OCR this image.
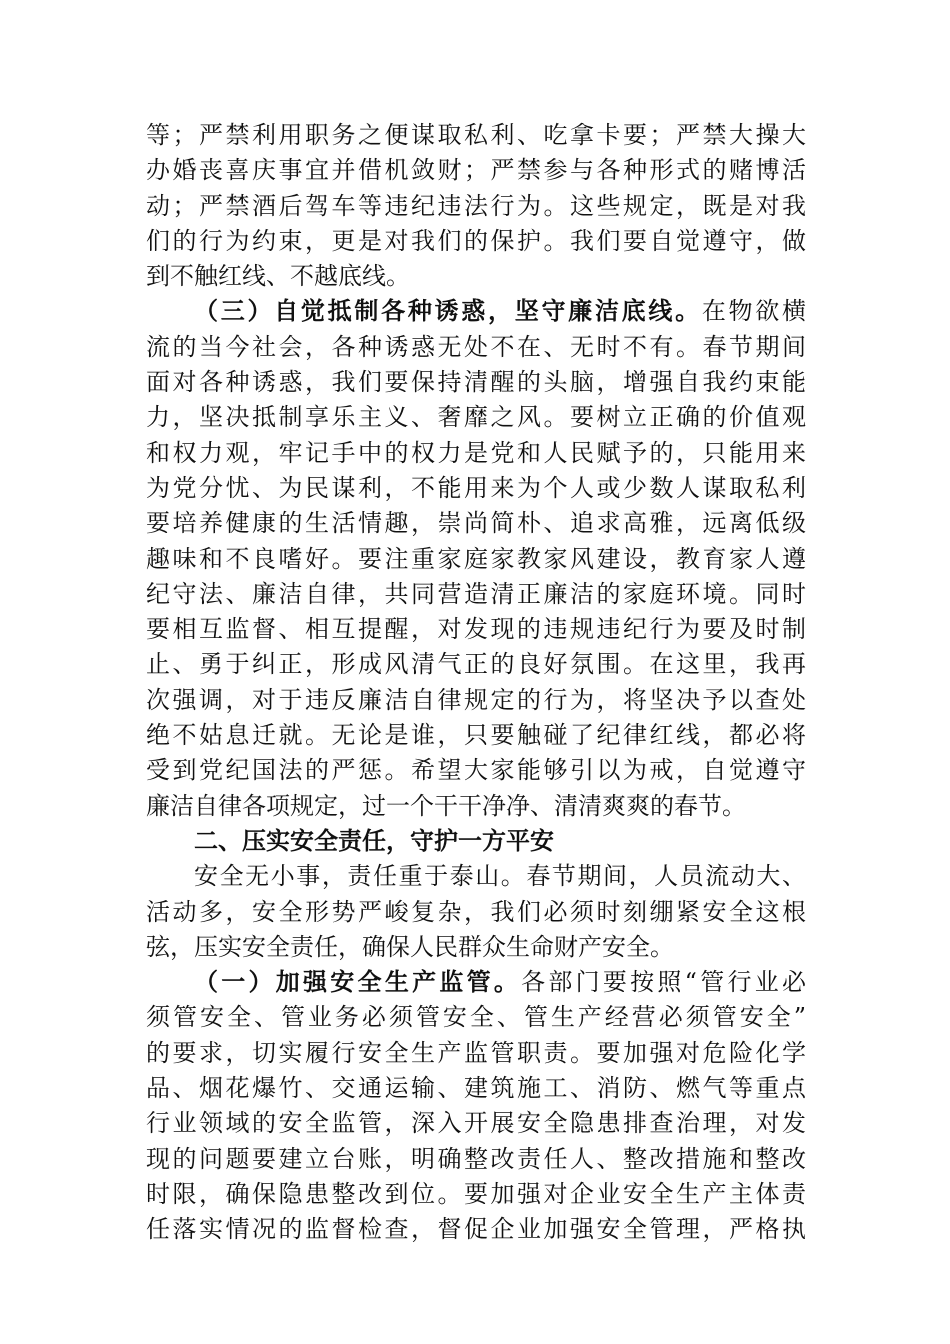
等；严禁利用职务之便谋取私利、吃拿卡要；严禁大操大
办婚丧喜庆事宜并借机敛财；严禁参与各种形式的赌博活
动；严禁酒后驾车等违纪违法行为。这些规定，既是对我
们的行为约束，更是对我们的保护。我们要自觉遵守，做
到不触红线、不越底线。
（三）自觉抵制各种诱惑，坚守廉洁底线。在物欲横
流的当今社会，各种诱惑无处不在、无时不有。春节期间
面对各种诱惑，我们要保持清醒的头脑，增强自我约束能
力，坚决抵制享乐主义、奢靡之风。要树立正确的价值观
和权力观，牢记手中的权力是党和人民赋予的，只能用来
为党分忧、为民谋利，不能用来为个人或少数人谋取私利
要培养健康的生活情趣，崇尚简朴、追求高雅，远离低级
趣味和不良嗜好。要注重家庭家教家风建设，教育家人遵
纪守法、廉洁自律，共同营造清正廉洁的家庭环境。同时
要相互监督、相互提醒，对发现的违规违纪行为要及时制
止、勇于纠正，形成风清气正的良好氛围。在这里，我再
次强调，对于违反廉洁自律规定的行为，将坚决予以查处
绝不姑息迁就。无论是谁，只要触碰了纪律红线，都必将
受到党纪国法的严惩。希望大家能够引以为戒，自觉遵守
廉洁自律各项规定，过一个干干净净、清清爽爽的春节。
二、压实安全责任，守护一方平安
安全无小事，责任重于泰山。春节期间，人员流动大、
活动多，安全形势严峻复杂，我们必须时刻绷紧安全这根
弦，压实安全责任，确保人民群众生命财产安全。
（一）加强安全生产监管。各部门要按照“管行业必
须管安全、管业务必须管安全、管生产经营必须管安全”
的要求，切实履行安全生产监管职责。要加强对危险化学
品、烟花爆竹、交通运输、建筑施工、消防、燃气等重点
行业领域的安全监管，深入开展安全隐患排查治理，对发
现的问题要建立台账，明确整改责任人、整改措施和整改
时限，确保隐患整改到位。要加强对企业安全生产主体责
任落实情况的监督检查，督促企业加强安全管理，严格执
